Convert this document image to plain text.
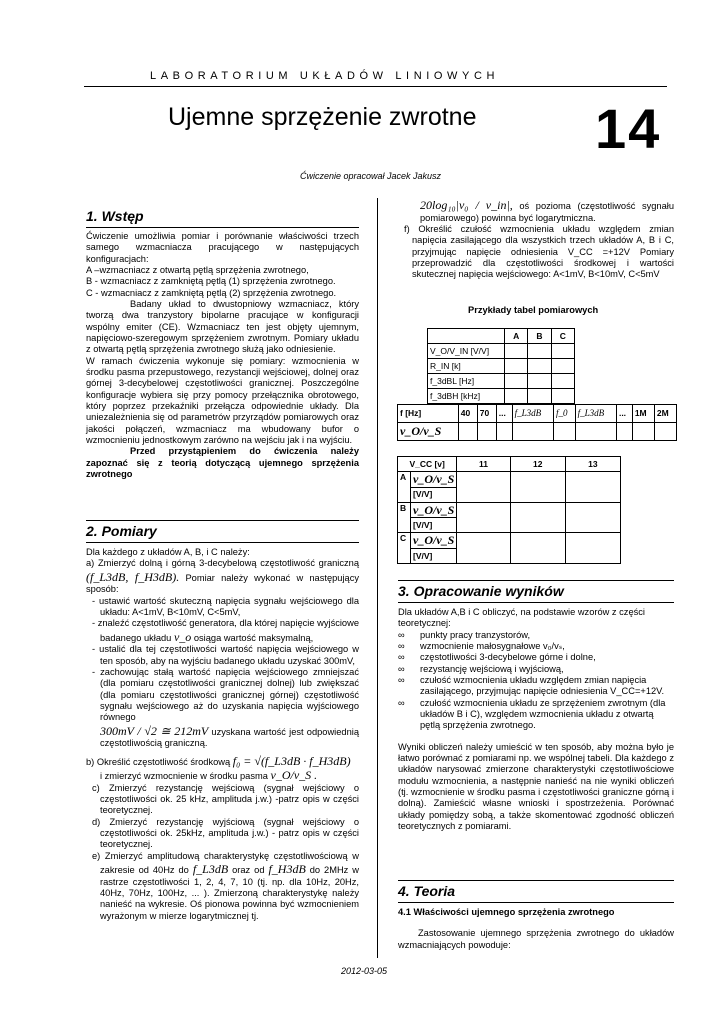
LABORATORIUM UKŁADÓW LINIOWYCH
Ujemne sprzężenie zwrotne 14
Ćwiczenie opracował Jacek Jakusz
1. Wstęp

Ćwiczenie umożliwia pomiar i porównanie właściwości trzech samego wzmacniacza pracującego w następujących konfiguracjach:

A –wzmacniacz z otwartą pętlą sprzężenia zwrotnego,

B - wzmacniacz z zamkniętą pętlą (1) sprzężenia zwrotnego.

C - wzmacniacz z zamkniętą pętlą (2) sprzężenia zwrotnego.

Badany układ to dwustopniowy wzmacniacz, który tworzą dwa tranzystory bipolarne pracujące w konfiguracji wspólny emiter (CE). Wzmacniacz ten jest objęty ujemnym, napięciowo-szeregowym sprzężeniem zwrotnym. Pomiary układu z otwartą pętlą sprzężenia zwrotnego służą jako odniesienie.

W ramach ćwiczenia wykonuje się pomiary: wzmocnienia w środku pasma przepustowego, rezystancji wejściowej, dolnej oraz górnej 3-decybelowej częstotliwości granicznej. Poszczególne konfiguracje wybiera się przy pomocy przełącznika obrotowego, który poprzez przekaźniki przełącza odpowiednie układy. Dla uniezależnienia się od parametrów przyrządów pomiarowych oraz jakości połączeń, wzmacniacz ma wbudowany bufor o wzmocnieniu jednostkowym zarówno na wejściu jak i na wyjściu.

Przed przystąpieniem do ćwiczenia należy zapoznać się z teorią dotyczącą ujemnego sprzężenia zwrotnego

2. Pomiary

Dla każdego z układów A, B, i C należy:

a) Zmierzyć dolną i górną 3-decybelową częstotliwość graniczną (f_L3dB, f_H3dB). Pomiar należy wykonać w następujący sposób:

- ustawić wartość skuteczną napięcia sygnału wejściowego dla układu: A<1mV, B<10mV, C<5mV,

- znaleźć częstotliwość generatora, dla której napięcie wyjściowe badanego układu v_o osiąga wartość maksymalną,

- ustalić dla tej częstotliwości wartość napięcia wejściowego w ten sposób, aby na wyjściu badanego układu uzyskać 300mV,

- zachowując stałą wartość napięcia wejściowego zmniejszać (dla pomiaru częstotliwości granicznej dolnej) lub zwiększać (dla pomiaru częstotliwości granicznej górnej) częstotliwość sygnału wejściowego aż do uzyskania napięcia wyjściowego równego

300mV / √2 ≅ 212mV uzyskana wartość jest odpowiednią częstotliwością graniczną.

b) Określić częstotliwość środkową f₀ = √(f_L3dB · f_H3dB)

i zmierzyć wzmocnienie w środku pasma v_O/v_S .

c) Zmierzyć rezystancję wejściową (sygnał wejściowy o częstotliwości ok. 25 kHz, amplituda j.w.) -patrz opis w części teoretycznej.

d) Zmierzyć rezystancję wyjściową (sygnał wejściowy o częstotliwości ok. 25kHz, amplituda j.w.) - patrz opis w części teoretycznej.

e) Zmierzyć amplitudową charakterystykę częstotliwościową w zakresie od 40Hz do f_L3dB oraz od f_H3dB do 2MHz w rastrze częstotliwości 1, 2, 4, 7, 10 (tj. np. dla 10Hz, 20Hz, 40Hz, 70Hz, 100Hz, ... ). Zmierzoną charakterystykę należy nanieść na wykresie. Oś pionowa powinna być wzmocnieniem wyrażonym w mierze logarytmicznej tj.

20log₁₀|v₀ / v_in|, oś pozioma (częstotliwość sygnału pomiarowego) powinna być logarytmiczna.

f) Określić czułość wzmocnienia układu względem zmian napięcia zasilającego dla wszystkich trzech układów A, B i C, przyjmując napięcie odniesienia V_CC =+12V Pomiary przeprowadzić dla częstotliwości środkowej i wartości skutecznej napięcia wejściowego: A<1mV, B<10mV, C<5mV

Przykłady tabel pomiarowych
	A	B	C
V_O/V_IN [V/V]			
R_IN [k]			
f_3dBL [Hz]			
f_3dBH [kHz]			
f [Hz]	40	70	...	f_L3dB	f_0	f_L3dB	...	1M	2M
v_O/v_S									
V_CC [v]		11	12	13
A	v_O/v_S			
	[V/V]			
B	v_O/v_S			
	[V/V]			
C	v_O/v_S			
	[V/V]			
3. Opracowanie wyników

Dla układów A,B i C obliczyć, na podstawie wzorów z części teoretycznej:

∞ punkty pracy tranzystorów,
∞ wzmocnienie małosygnałowe v₀/vₛ,
∞ częstotliwości 3-decybelowe górne i dolne,
∞ rezystancję wejściową i wyjściową,
∞ czułość wzmocnienia układu względem zmian napięcia zasilającego, przyjmując napięcie odniesienia V_CC=+12V.
∞ czułość wzmocnienia układu ze sprzężeniem zwrotnym (dla układów B i C), względem wzmocnienia układu z otwartą pętlą sprzężenia zwrotnego.

Wyniki obliczeń należy umieścić w ten sposób, aby można było je łatwo porównać z pomiarami np. we wspólnej tabeli. Dla każdego z układów narysować zmierzone charakterystyki częstotliwościowe modułu wzmocnienia, a następnie nanieść na nie wyniki obliczeń (tj. wzmocnienie w środku pasma i częstotliwości graniczne górną i dolną). Zamieścić własne wnioski i spostrzeżenia. Porównać układy pomiędzy sobą, a także skomentować zgodność obliczeń teoretycznych z pomiarami.

4. Teoria

4.1 Właściwości ujemnego sprzężenia zwrotnego

Zastosowanie ujemnego sprzężenia zwrotnego do układów wzmacniających powoduje:

2012-03-05
